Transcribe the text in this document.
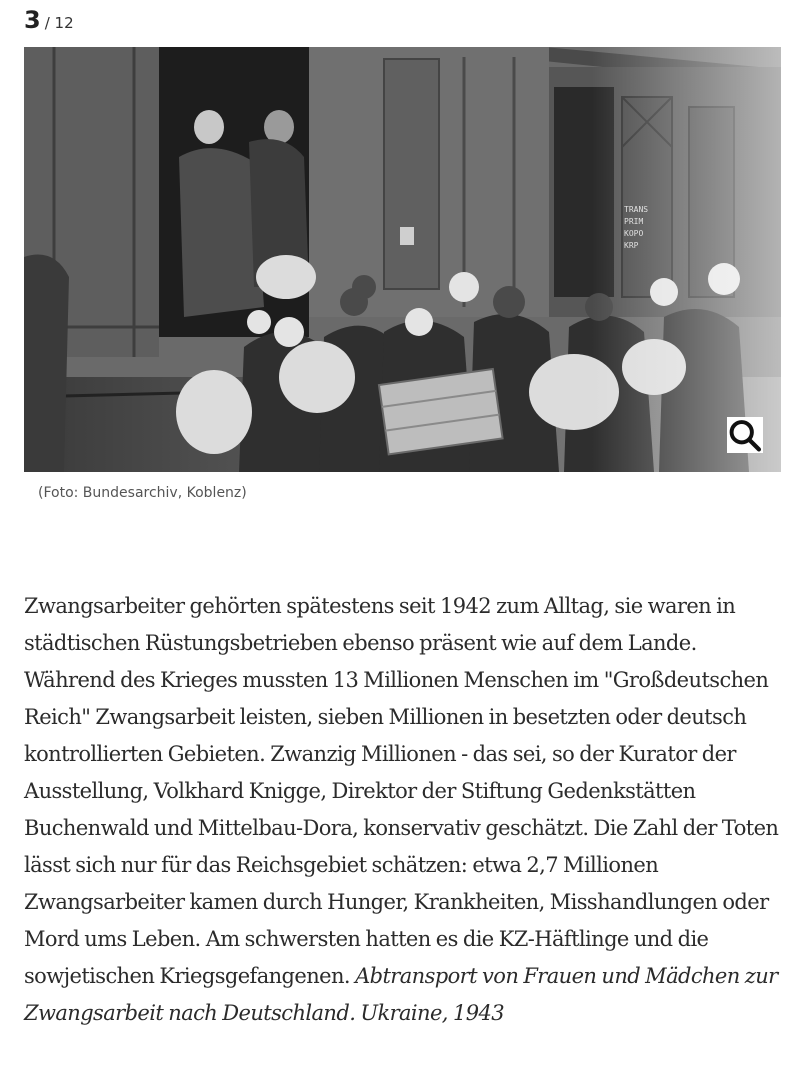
3 / 12
(Foto: Bundesarchiv, Koblenz)

Zwangsarbeiter gehörten spätestens seit 1942 zum Alltag, sie waren in städtischen Rüstungsbetrieben ebenso präsent wie auf dem Lande. Während des Krieges mussten 13 Millionen Menschen im "Großdeutschen Reich" Zwangsarbeit leisten, sieben Millionen in besetzten oder deutsch kontrollierten Gebieten. Zwanzig Millionen - das sei, so der Kurator der Ausstellung, Volkhard Knigge, Direktor der Stiftung Gedenkstätten Buchenwald und Mittelbau-Dora, konservativ geschätzt. Die Zahl der Toten lässt sich nur für das Reichsgebiet schätzen: etwa 2,7 Millionen Zwangsarbeiter kamen durch Hunger, Krankheiten, Misshandlungen oder Mord ums Leben. Am schwersten hatten es die KZ-Häftlinge und die sowjetischen Kriegsgefangenen. Abtransport von Frauen und Mädchen zur Zwangsarbeit nach Deutschland. Ukraine, 1943
